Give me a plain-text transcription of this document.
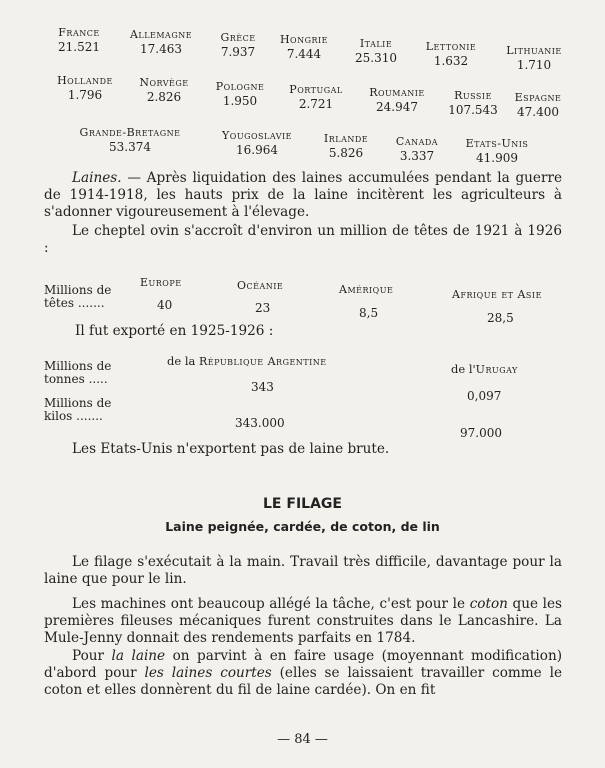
France
21.521
Allemagne
17.463
Grèce
7.937
Hongrie
7.444
Italie
25.310
Lettonie
1.632
Lithuanie
1.710
Hollande
1.796
Norvège
2.826
Pologne
1.950
Portugal
2.721
Roumanie
24.947
Russie
107.543
Espagne
47.400
Grande-Bretagne
53.374
Yougoslavie
16.964
Irlande
5.826
Canada
3.337
Etats-Unis
41.909
Laines. — Après liquidation des laines accumulées pendant la guerre de 1914-1918, les hauts prix de la laine incitèrent les agriculteurs à s'adonner vigoureusement à l'élevage.
Le cheptel ovin s'accroît d'environ un million de têtes de 1921 à 1926 :
Millions de
têtes .......
Europe
40
Océanie
23
Amérique
8,5
Afrique et Asie
28,5
Il fut exporté en 1925-1926 :
de la République Argentine
de l'Urugay
Millions de
tonnes .....
343
0,097
Millions de
kilos .......	343.000
97.000
Les Etats-Unis n'exportent pas de laine brute.
LE FILAGE
Laine peignée, cardée, de coton, de lin
Le filage s'exécutait à la main. Travail très difficile, davantage pour la laine que pour le lin.
Les machines ont beaucoup allégé la tâche, c'est pour le coton que les premières fileuses mécaniques furent construites dans le Lancashire. La Mule-Jenny donnait des rendements parfaits en 1784.
Pour la laine on parvint à en faire usage (moyennant modification) d'abord pour les laines courtes (elles se laissaient travailler comme le coton et elles donnèrent du fil de laine cardée). On en fit
— 84 —
